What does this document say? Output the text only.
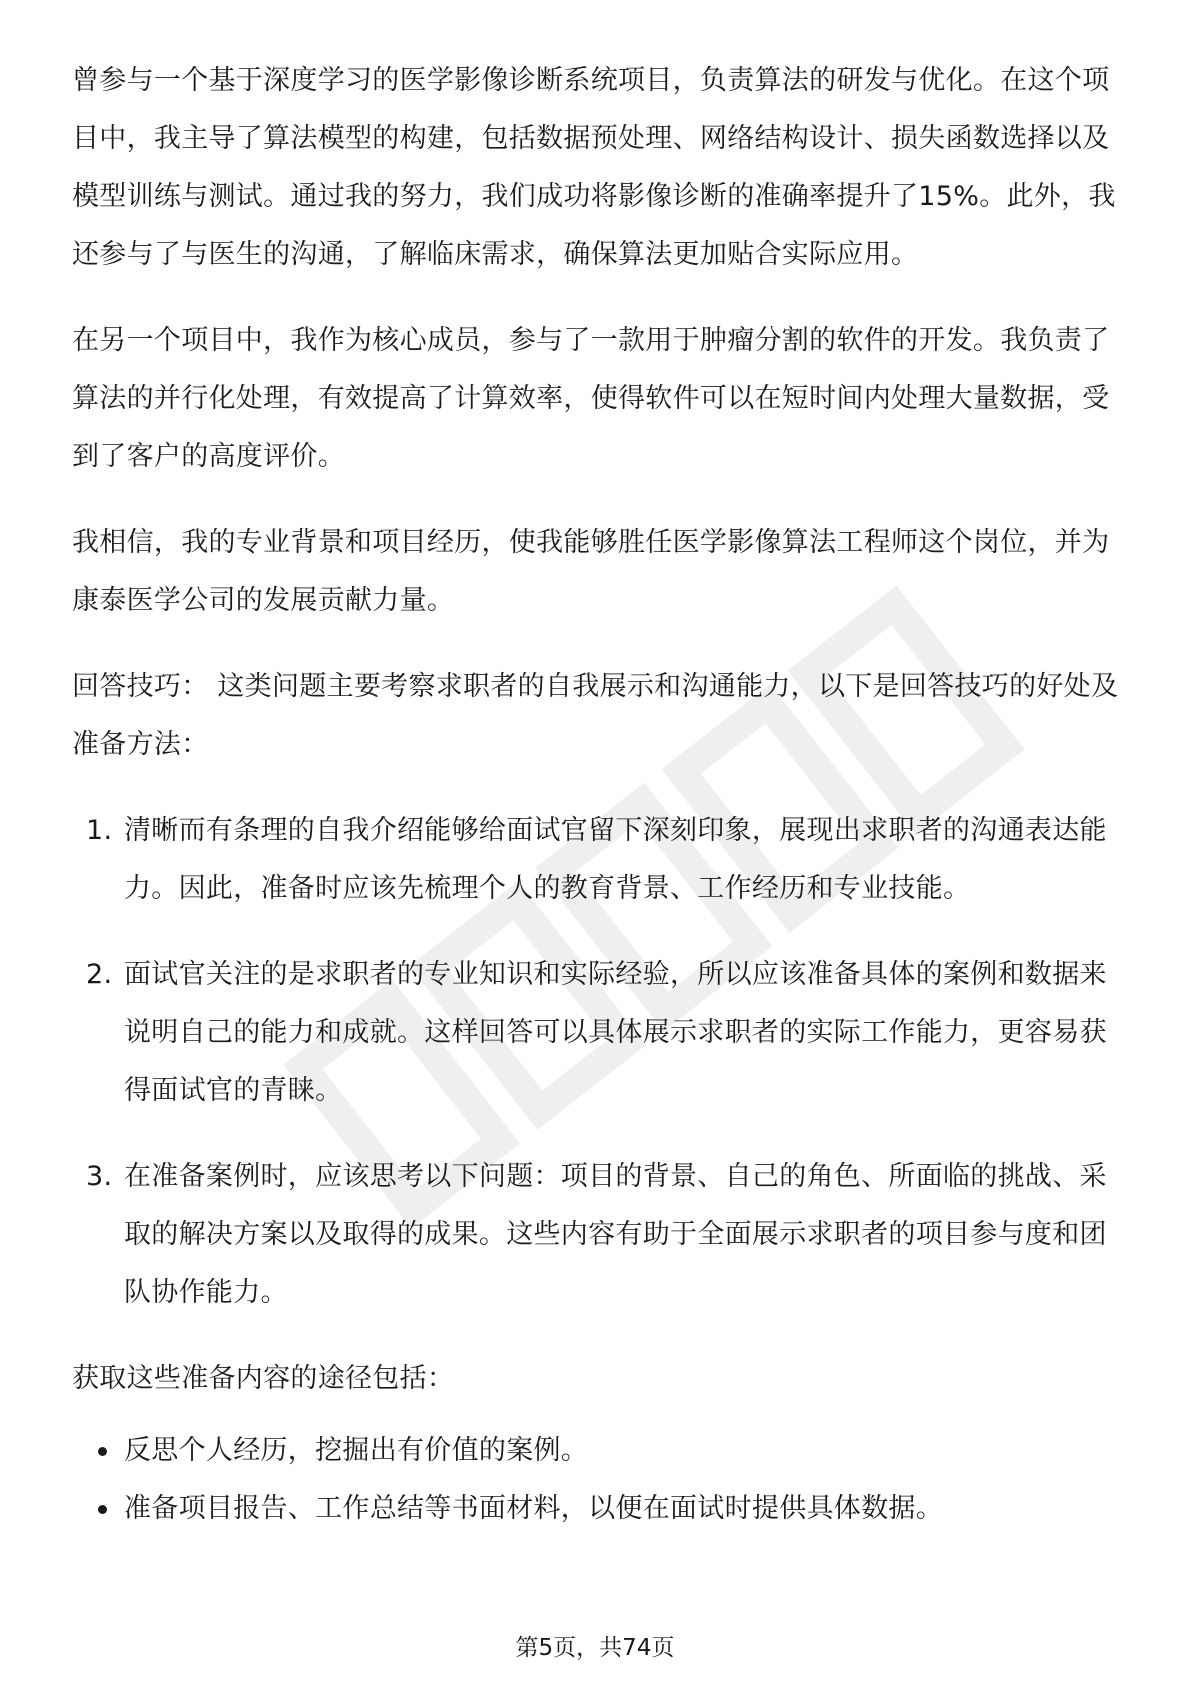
曾参与一个基于深度学习的医学影像诊断系统项目，负责算法的研发与优化。在这个项目中，我主导了算法模型的构建，包括数据预处理、网络结构设计、损失函数选择以及模型训练与测试。通过我的努力，我们成功将影像诊断的准确率提升了15%。此外，我还参与了与医生的沟通，了解临床需求，确保算法更加贴合实际应用。

在另一个项目中，我作为核心成员，参与了一款用于肿瘤分割的软件的开发。我负责了算法的并行化处理，有效提高了计算效率，使得软件可以在短时间内处理大量数据，受到了客户的高度评价。

我相信，我的专业背景和项目经历，使我能够胜任医学影像算法工程师这个岗位，并为康泰医学公司的发展贡献力量。

回答技巧： 这类问题主要考察求职者的自我展示和沟通能力，以下是回答技巧的好处及准备方法：

1. 清晰而有条理的自我介绍能够给面试官留下深刻印象，展现出求职者的沟通表达能力。因此，准备时应该先梳理个人的教育背景、工作经历和专业技能。
2. 面试官关注的是求职者的专业知识和实际经验，所以应该准备具体的案例和数据来说明自己的能力和成就。这样回答可以具体展示求职者的实际工作能力，更容易获得面试官的青睐。
3. 在准备案例时，应该思考以下问题：项目的背景、自己的角色、所面临的挑战、采取的解决方案以及取得的成果。这些内容有助于全面展示求职者的项目参与度和团队协作能力。

获取这些准备内容的途径包括：

反思个人经历，挖掘出有价值的案例。
准备项目报告、工作总结等书面材料，以便在面试时提供具体数据。
第5页，共74页
